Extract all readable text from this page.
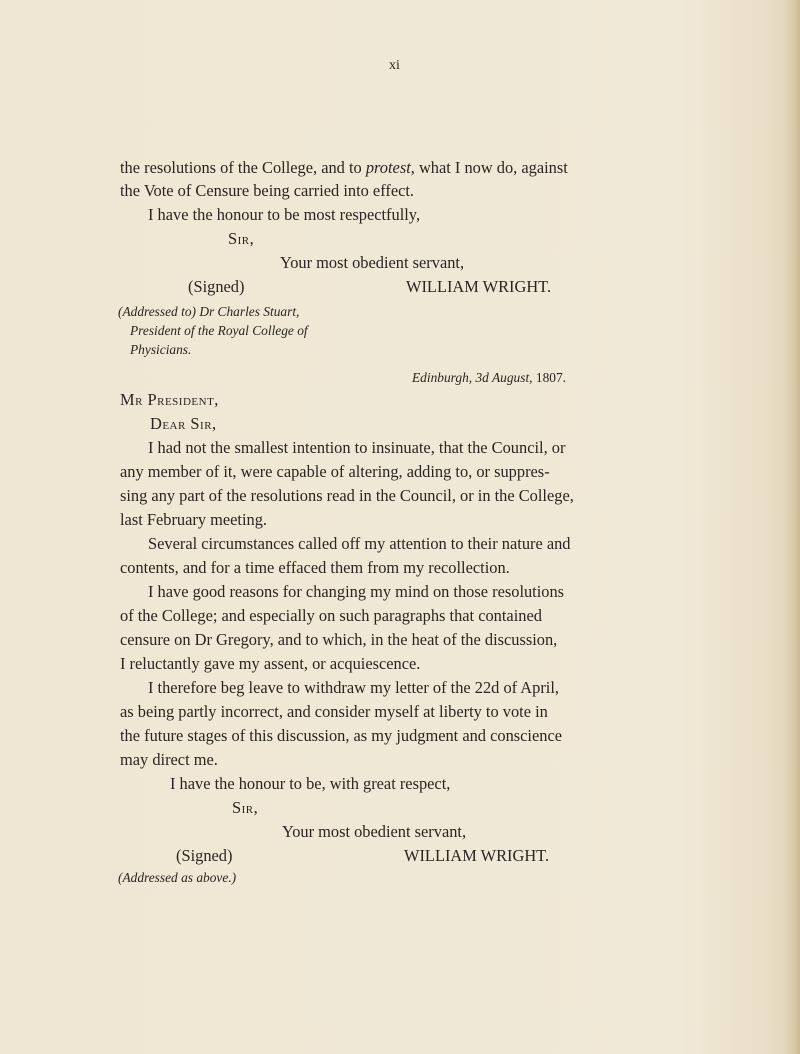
xi
the resolutions of the College, and to protest, what I now do, against
the Vote of Censure being carried into effect.
I have the honour to be most respectfully,
Sir,
Your most obedient servant,
(Signed)	WILLIAM WRIGHT.
(Addressed to) Dr Charles Stuart,
President of the Royal College of
Physicians.
Edinburgh, 3d August, 1807.
Mr President,
Dear Sir,
I had not the smallest intention to insinuate, that the Council, or
any member of it, were capable of altering, adding to, or suppres-
sing any part of the resolutions read in the Council, or in the College,
last February meeting.
Several circumstances called off my attention to their nature and
contents, and for a time effaced them from my recollection.
I have good reasons for changing my mind on those resolutions
of the College; and especially on such paragraphs that contained
censure on Dr Gregory, and to which, in the heat of the discussion,
I reluctantly gave my assent, or acquiescence.
I therefore beg leave to withdraw my letter of the 22d of April,
as being partly incorrect, and consider myself at liberty to vote in
the future stages of this discussion, as my judgment and conscience
may direct me.
I have the honour to be, with great respect,
Sir,
Your most obedient servant,
(Signed)	WILLIAM WRIGHT.
(Addressed as above.)
